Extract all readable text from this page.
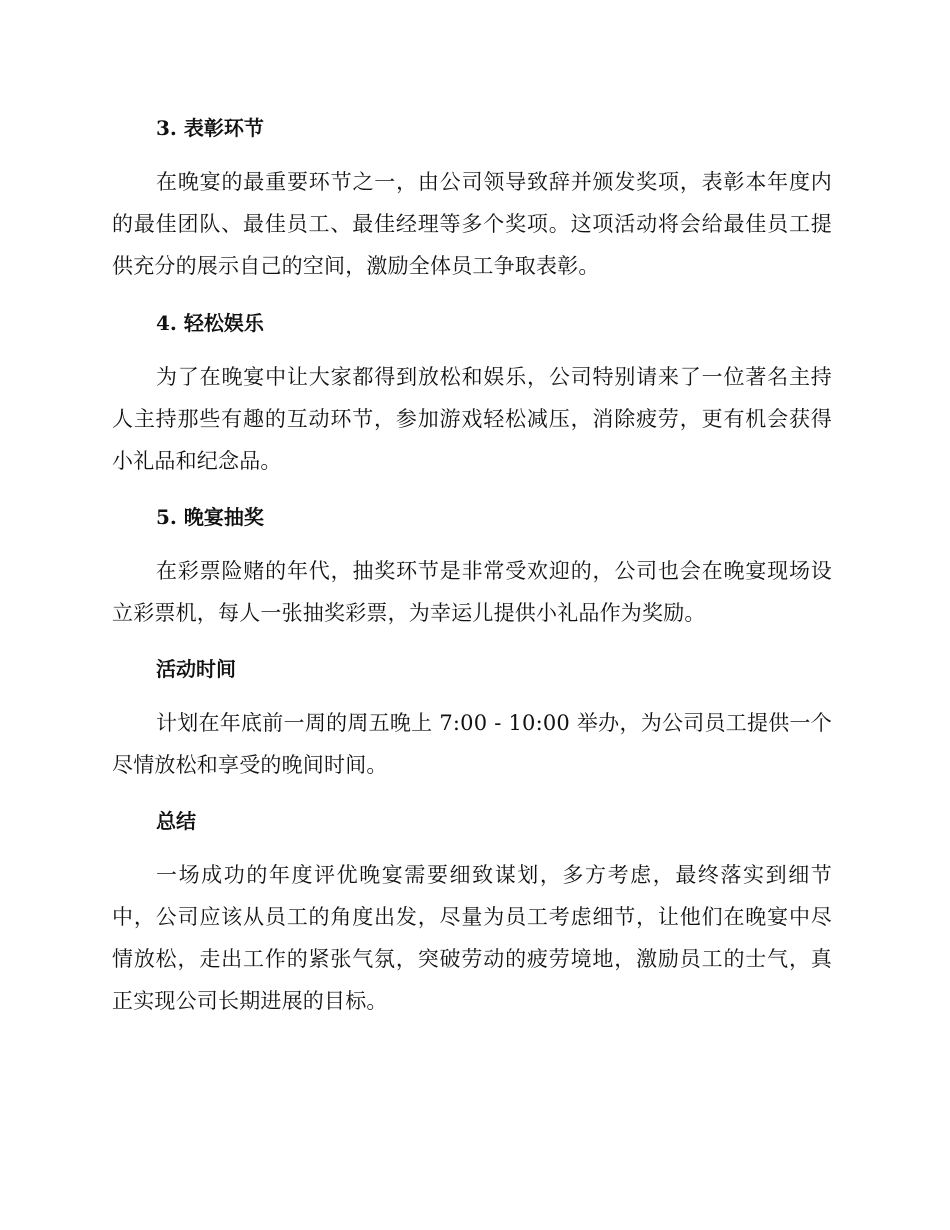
3. 表彰环节
在晚宴的最重要环节之一，由公司领导致辞并颁发奖项，表彰本年度内的最佳团队、最佳员工、最佳经理等多个奖项。这项活动将会给最佳员工提供充分的展示自己的空间，激励全体员工争取表彰。
4. 轻松娱乐
为了在晚宴中让大家都得到放松和娱乐，公司特别请来了一位著名主持人主持那些有趣的互动环节，参加游戏轻松减压，消除疲劳，更有机会获得小礼品和纪念品。
5. 晚宴抽奖
在彩票险赌的年代，抽奖环节是非常受欢迎的，公司也会在晚宴现场设立彩票机，每人一张抽奖彩票，为幸运儿提供小礼品作为奖励。
活动时间
计划在年底前一周的周五晚上 7:00 - 10:00 举办，为公司员工提供一个尽情放松和享受的晚间时间。
总结
一场成功的年度评优晚宴需要细致谋划，多方考虑，最终落实到细节中，公司应该从员工的角度出发，尽量为员工考虑细节，让他们在晚宴中尽情放松，走出工作的紧张气氛，突破劳动的疲劳境地，激励员工的士气，真正实现公司长期进展的目标。
